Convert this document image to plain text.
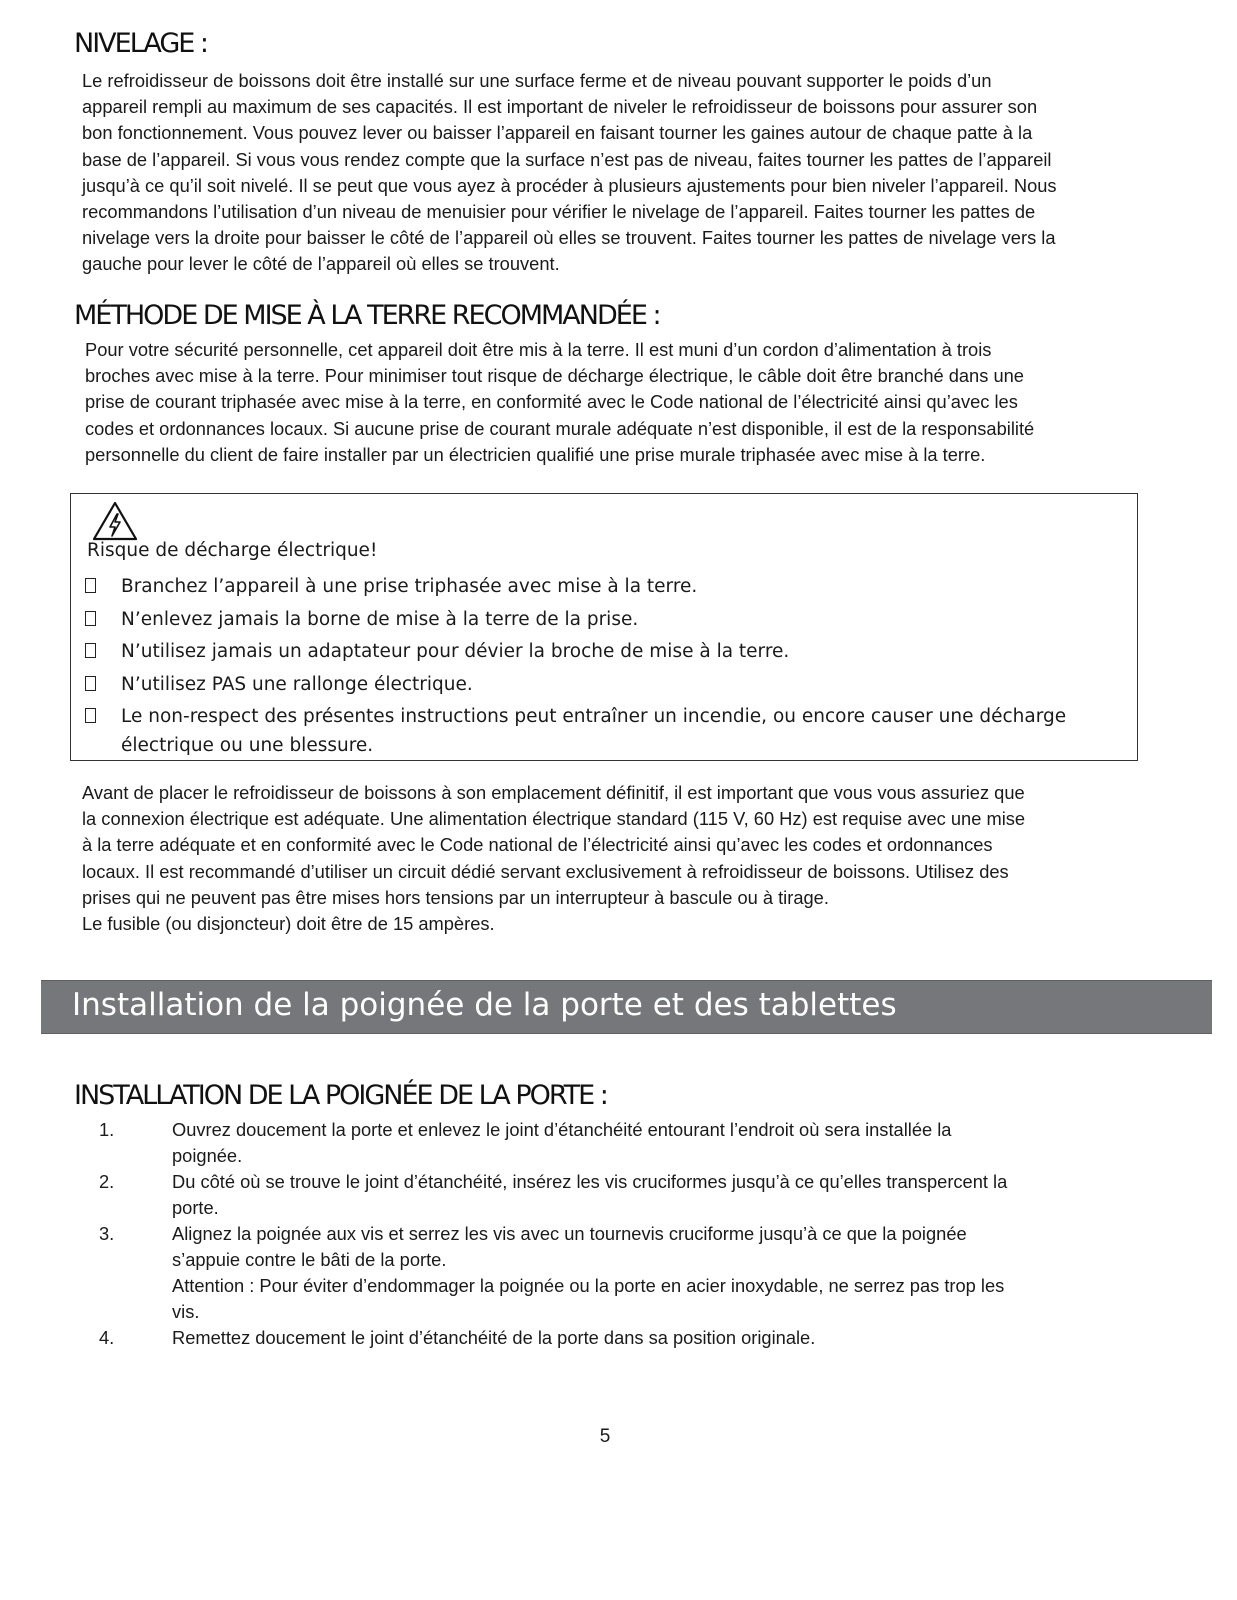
NIVELAGE :
Le refroidisseur de boissons doit être installé sur une surface ferme et de niveau pouvant supporter le poids d’un
appareil rempli au maximum de ses capacités. Il est important de niveler le refroidisseur de boissons pour assurer son
bon fonctionnement. Vous pouvez lever ou baisser l’appareil en faisant tourner les gaines autour de chaque patte à la
base de l’appareil. Si vous vous rendez compte que la surface n’est pas de niveau, faites tourner les pattes de l’appareil
jusqu’à ce qu’il soit nivelé. Il se peut que vous ayez à procéder à plusieurs ajustements pour bien niveler l’appareil. Nous
recommandons l’utilisation d’un niveau de menuisier pour vérifier le nivelage de l’appareil. Faites tourner les pattes de
nivelage vers la droite pour baisser le côté de l’appareil où elles se trouvent. Faites tourner les pattes de nivelage vers la
gauche pour lever le côté de l’appareil où elles se trouvent.
MÉTHODE DE MISE À LA TERRE RECOMMANDÉE :
Pour votre sécurité personnelle, cet appareil doit être mis à la terre. Il est muni d’un cordon d’alimentation à trois
broches avec mise à la terre. Pour minimiser tout risque de décharge électrique, le câble doit être branché dans une
prise de courant triphasée avec mise à la terre, en conformité avec le Code national de l’électricité ainsi qu’avec les
codes et ordonnances locaux. Si aucune prise de courant murale adéquate n’est disponible, il est de la responsabilité
personnelle du client de faire installer par un électricien qualifié une prise murale triphasée avec mise à la terre.
Risque de décharge électrique!
Branchez l’appareil à une prise triphasée avec mise à la terre.
N’enlevez jamais la borne de mise à la terre de la prise.
N’utilisez jamais un adaptateur pour dévier la broche de mise à la terre.
N’utilisez PAS une rallonge électrique.
Le non-respect des présentes instructions peut entraîner un incendie, ou encore causer une décharge
électrique ou une blessure.
Avant de placer le refroidisseur de boissons à son emplacement définitif, il est important que vous vous assuriez que
la connexion électrique est adéquate. Une alimentation électrique standard (115 V, 60 Hz) est requise avec une mise
à la terre adéquate et en conformité avec le Code national de l’électricité ainsi qu’avec les codes et ordonnances
locaux. Il est recommandé d’utiliser un circuit dédié servant exclusivement à refroidisseur de boissons. Utilisez des
prises qui ne peuvent pas être mises hors tensions par un interrupteur à bascule ou à tirage.
Le fusible (ou disjoncteur) doit être de 15 ampères.
Installation de la poignée de la porte et des tablettes
INSTALLATION DE LA POIGNÉE DE LA PORTE :
1.	Ouvrez doucement la porte et enlevez le joint d’étanchéité entourant l’endroit où sera installée la
poignée.
2.	Du côté où se trouve le joint d’étanchéité, insérez les vis cruciformes jusqu’à ce qu’elles transpercent la
porte.
3.	Alignez la poignée aux vis et serrez les vis avec un tournevis cruciforme jusqu’à ce que la poignée
s’appuie contre le bâti de la porte.
Attention : Pour éviter d’endommager la poignée ou la porte en acier inoxydable, ne serrez pas trop les
vis.
4.	Remettez doucement le joint d’étanchéité de la porte dans sa position originale.
5
